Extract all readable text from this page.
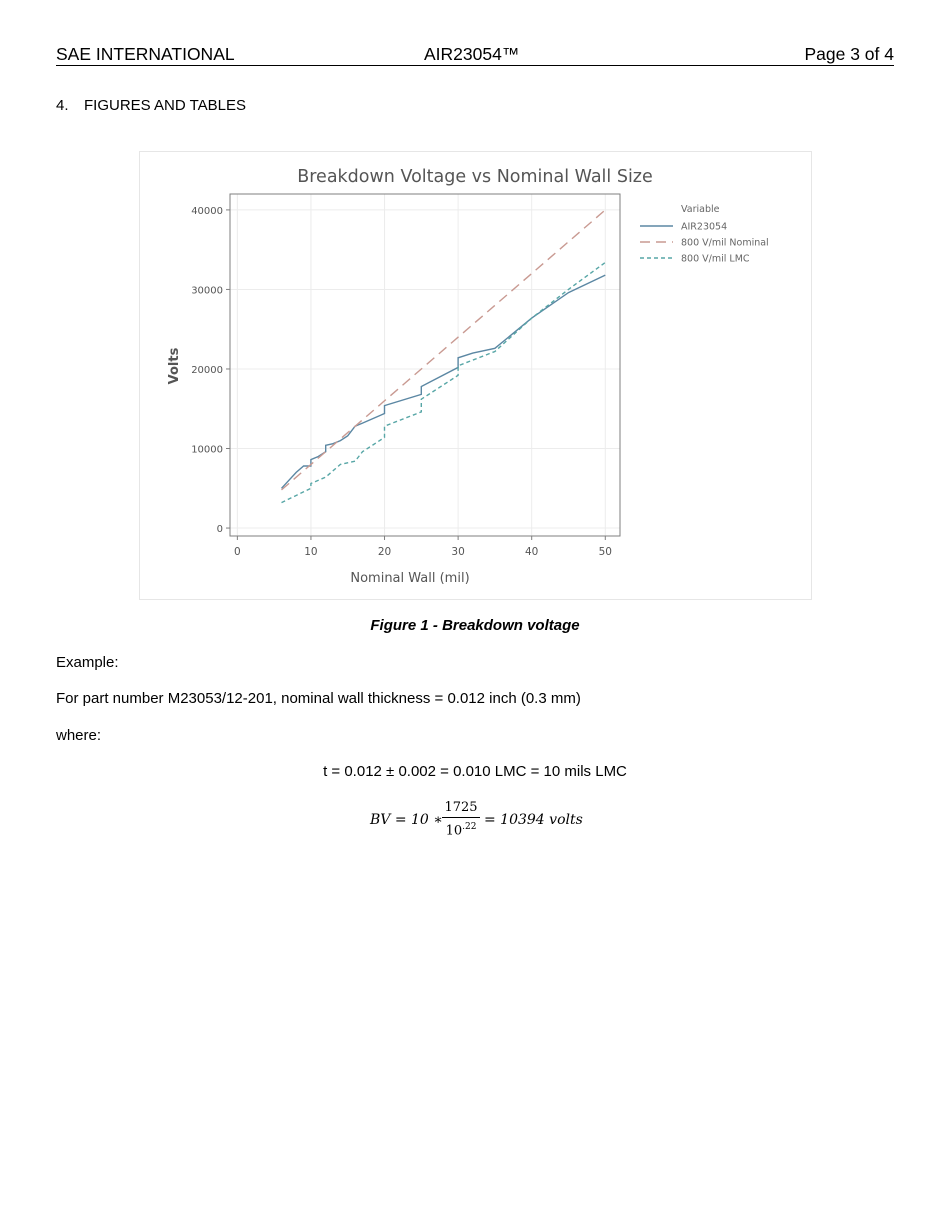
SAE INTERNATIONAL	AIR23054™	Page 3 of 4
4. FIGURES AND TABLES
Breakdown Voltage vs Nominal Wall Size
Nominal Wall (mil)
Volts
Variable
0	10	20	30	40	50
0
10000
20000
30000
40000
AIR23054
800 V/mil Nominal
800 V/mil LMC
Figure 1 - Breakdown voltage
Example:
For part number M23053/12-201, nominal wall thickness = 0.012 inch (0.3 mm)
where:
t = 0.012 ± 0.002 = 0.010 LMC = 10 mils LMC
BV = 10 ∗ $\frac{1725}{10^{.22}} = 10394$ volts
